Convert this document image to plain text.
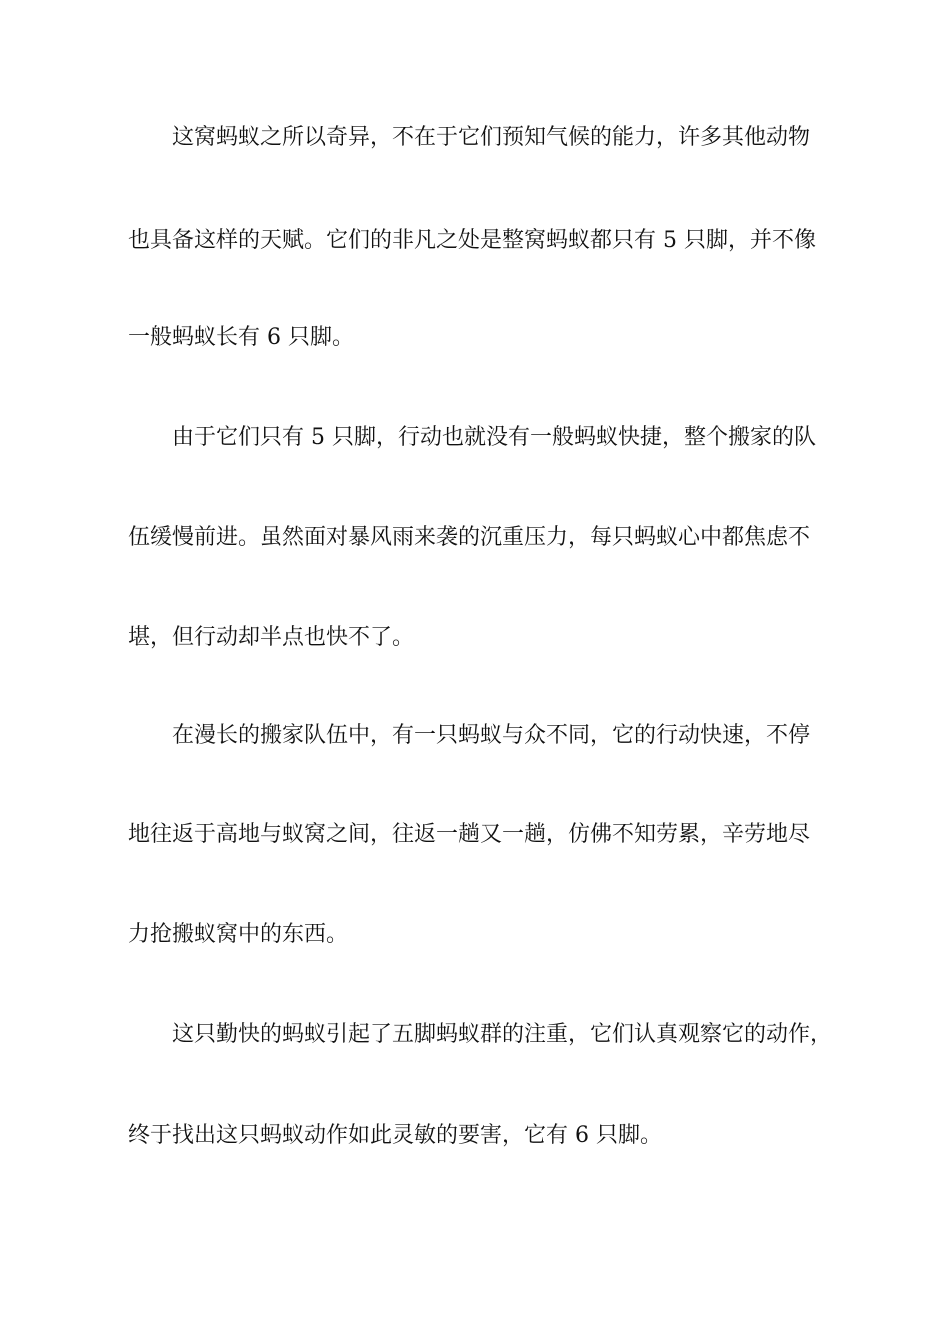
这窝蚂蚁之所以奇异，不在于它们预知气候的能力，许多其他动物

也具备这样的天赋。它们的非凡之处是整窝蚂蚁都只有 5 只脚，并不像

一般蚂蚁长有 6 只脚。

由于它们只有 5 只脚，行动也就没有一般蚂蚁快捷，整个搬家的队

伍缓慢前进。虽然面对暴风雨来袭的沉重压力，每只蚂蚁心中都焦虑不

堪，但行动却半点也快不了。

在漫长的搬家队伍中，有一只蚂蚁与众不同，它的行动快速，不停

地往返于高地与蚁窝之间，往返一趟又一趟，仿佛不知劳累，辛劳地尽

力抢搬蚁窝中的东西。

这只勤快的蚂蚁引起了五脚蚂蚁群的注重，它们认真观察它的动作，

终于找出这只蚂蚁动作如此灵敏的要害，它有 6 只脚。
